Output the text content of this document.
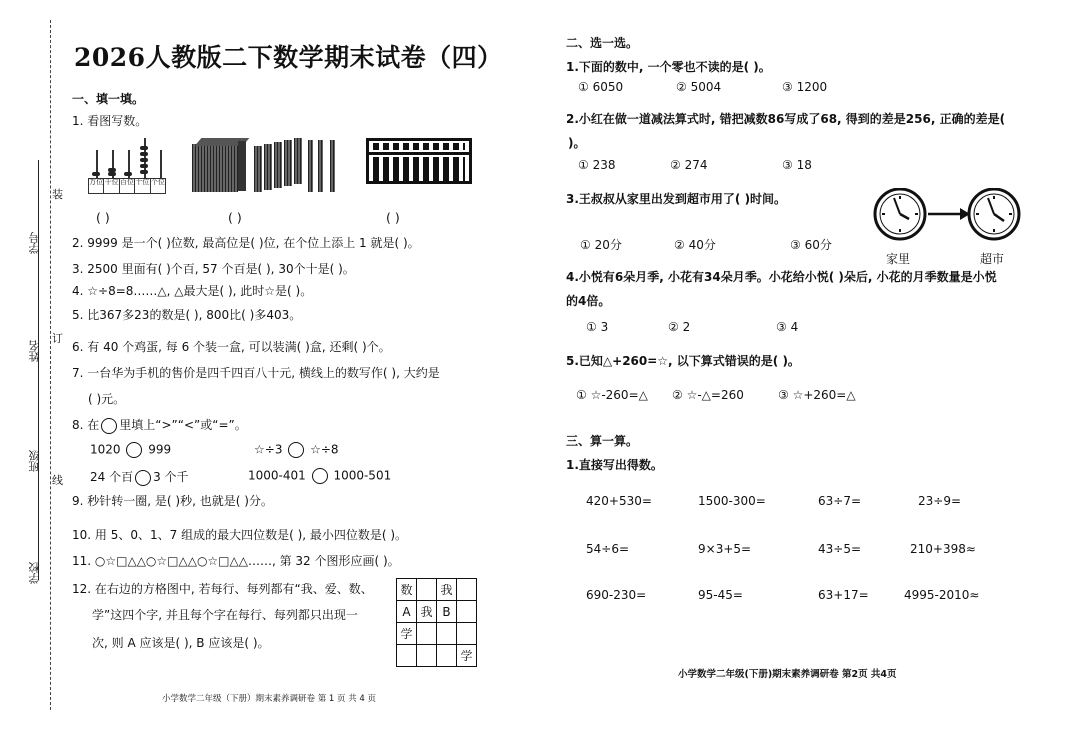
学号
姓名
班级
学校
装
订
线
2026人教版二下数学期末试卷（四）
一、填一填。
1. 看图写数。
万位 千位 百位 十位 个位
( )	( )	( )
2. 9999 是一个( )位数, 最高位是( )位, 在个位上添上 1 就是( )。
3. 2500 里面有( )个百, 57 个百是( ), 30个十是( )。
4. ☆÷8=8……△, △最大是( ), 此时☆是( )。
5. 比367多23的数是( ), 800比( )多403。
6. 有 40 个鸡蛋, 每 6 个装一盒, 可以装满( )盒, 还剩( )个。
7. 一台华为手机的售价是四千四百八十元, 横线上的数写作( ), 大约是
( )元。
8. 在 里填上“>”“<”或“=”。
1020 999	☆÷3 ☆÷8
24 个百 3 个千	1000-401 1000-501
9. 秒针转一圈, 是( )秒, 也就是( )分。
10. 用 5、0、1、7 组成的最大四位数是( ), 最小四位数是( )。
11. ○☆□△△○☆□△△○☆□△△……, 第 32 个图形应画( )。
12. 在右边的方格图中, 若每行、每列都有“我、爱、数、
学”这四个字, 并且每个字在每行、每列都只出现一
次, 则 A 应该是( ), B 应该是( )。
数		我	
A	我	B	
学			
			学
小学数学二年级（下册）期末素养调研卷 第 1 页 共 4 页
二、选一选。
1.下面的数中, 一个零也不读的是( )。
① 6050	② 5004	③ 1200
2.小红在做一道减法算式时, 错把减数86写成了68, 得到的差是256, 正确的差是(
)。
① 238	② 274	③ 18
3.王叔叔从家里出发到超市用了( )时间。
① 20分	② 40分	③ 60分
家里	超市
4.小悦有6朵月季, 小花有34朵月季。小花给小悦( )朵后, 小花的月季数量是小悦
的4倍。
① 3	② 2	③ 4
5.已知△+260=☆, 以下算式错误的是( )。
① ☆-260=△ ② ☆-△=260	③ ☆+260=△
三、算一算。
1.直接写出得数。
420+530=	1500-300=	63÷7=	23÷9=
54÷6=	9×3+5=	43÷5=	210+398≈
690-230=	95-45=	63+17=	4995-2010≈
小学数学二年级(下册)期末素养调研卷 第2页 共4页
